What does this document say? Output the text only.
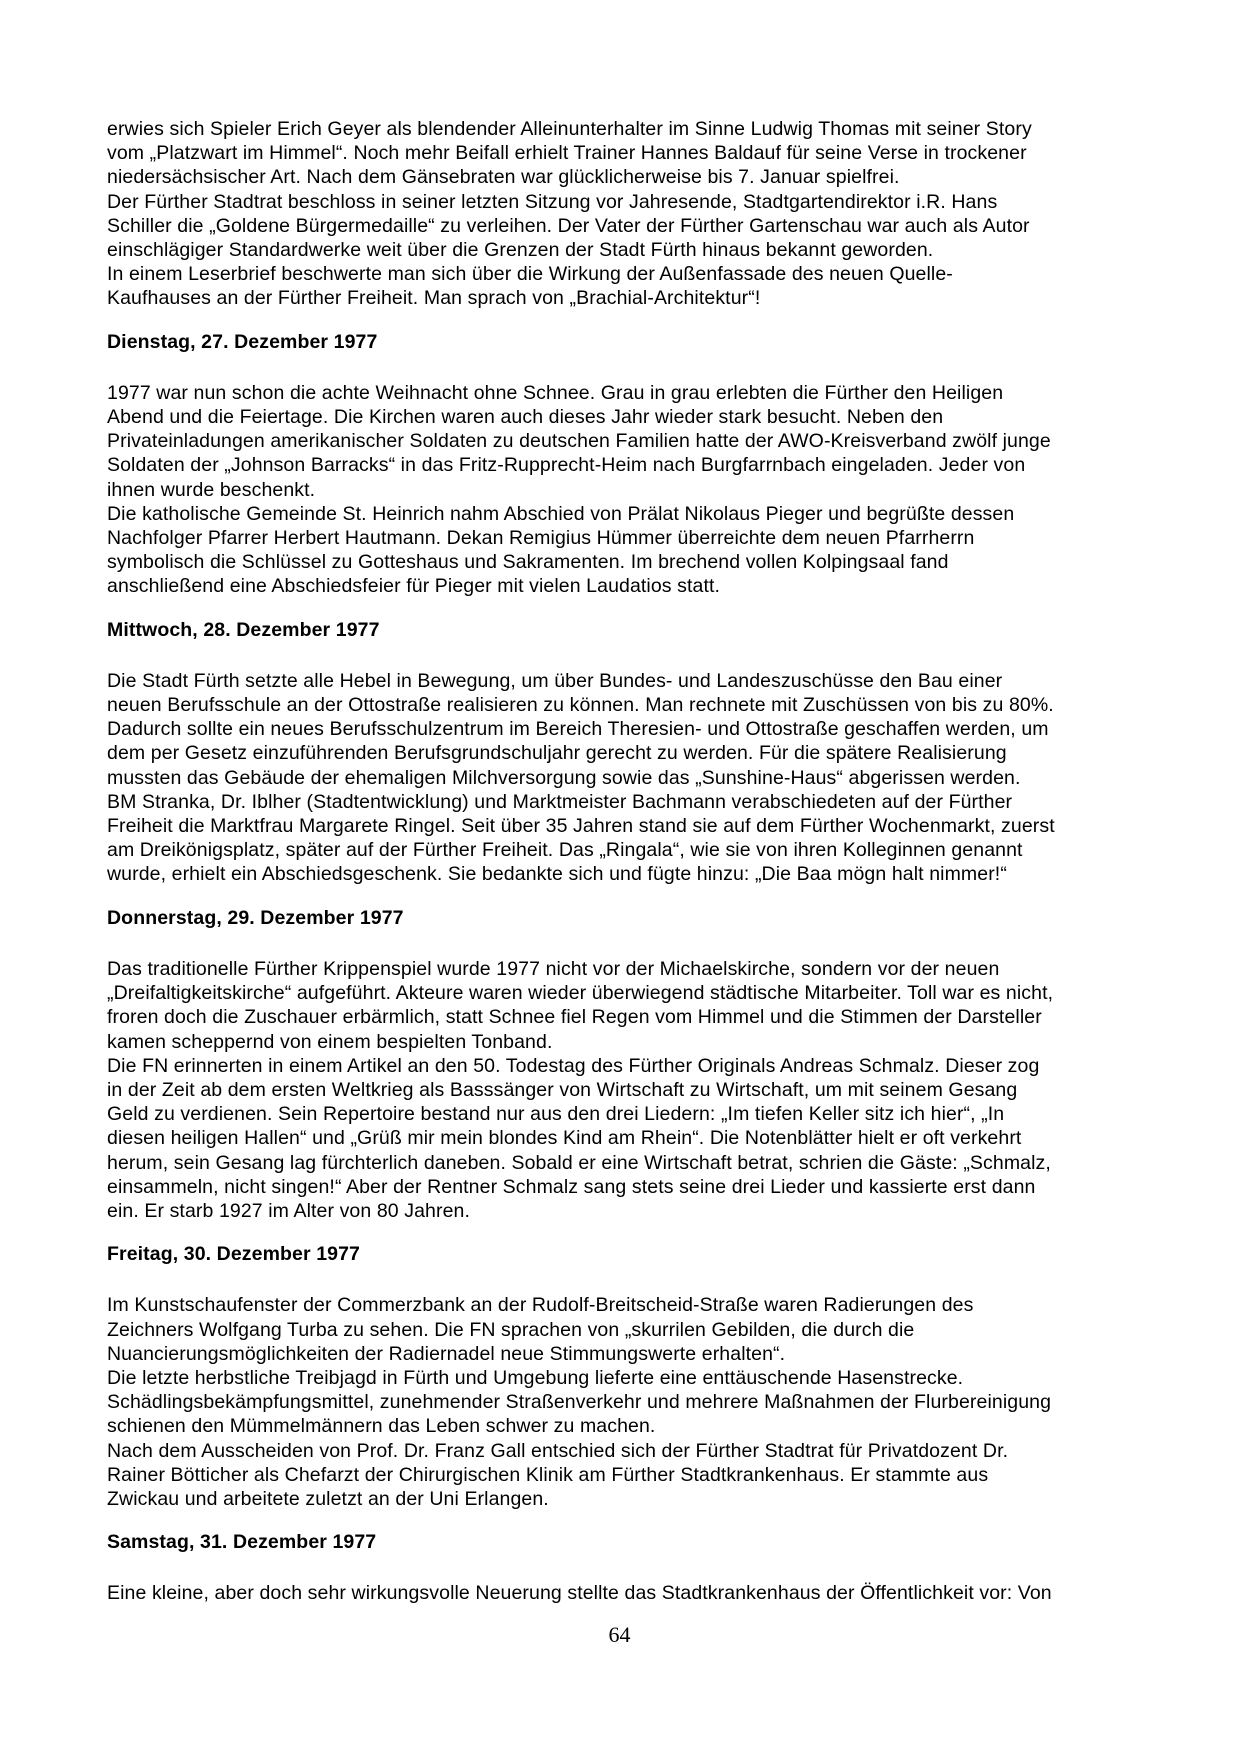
erwies sich Spieler Erich Geyer als blendender Alleinunterhalter im Sinne Ludwig Thomas mit seiner Story
vom „Platzwart im Himmel“. Noch mehr Beifall erhielt Trainer Hannes Baldauf für seine Verse in trockener
niedersächsischer Art. Nach dem Gänsebraten war glücklicherweise bis 7. Januar spielfrei.
Der Fürther Stadtrat beschloss in seiner letzten Sitzung vor Jahresende, Stadtgartendirektor i.R. Hans
Schiller die „Goldene Bürgermedaille“ zu verleihen. Der Vater der Fürther Gartenschau war auch als Autor
einschlägiger Standardwerke weit über die Grenzen der Stadt Fürth hinaus bekannt geworden.
In einem Leserbrief beschwerte man sich über die Wirkung der Außenfassade des neuen Quelle-
Kaufhauses an der Fürther Freiheit. Man sprach von „Brachial-Architektur“!
Dienstag, 27. Dezember 1977
1977 war nun schon die achte Weihnacht ohne Schnee. Grau in grau erlebten die Fürther den Heiligen
Abend und die Feiertage. Die Kirchen waren auch dieses Jahr wieder stark besucht. Neben den
Privateinladungen amerikanischer Soldaten zu deutschen Familien hatte der AWO-Kreisverband zwölf junge
Soldaten der „Johnson Barracks“ in das Fritz-Rupprecht-Heim nach Burgfarrnbach eingeladen. Jeder von
ihnen wurde beschenkt.
Die katholische Gemeinde St. Heinrich nahm Abschied von Prälat Nikolaus Pieger und begrüßte dessen
Nachfolger Pfarrer Herbert Hautmann. Dekan Remigius Hümmer überreichte dem neuen Pfarrherrn
symbolisch die Schlüssel zu Gotteshaus und Sakramenten. Im brechend vollen Kolpingsaal fand
anschließend eine Abschiedsfeier für Pieger mit vielen Laudatios statt.
Mittwoch, 28. Dezember 1977
Die Stadt Fürth setzte alle Hebel in Bewegung, um über Bundes- und Landeszuschüsse den Bau einer
neuen Berufsschule an der Ottostraße realisieren zu können. Man rechnete mit Zuschüssen von bis zu 80%.
Dadurch sollte ein neues Berufsschulzentrum im Bereich Theresien- und Ottostraße geschaffen werden, um
dem per Gesetz einzuführenden Berufsgrundschuljahr gerecht zu werden. Für die spätere Realisierung
mussten das Gebäude der ehemaligen Milchversorgung sowie das „Sunshine-Haus“ abgerissen werden.
BM Stranka, Dr. Iblher (Stadtentwicklung) und Marktmeister Bachmann verabschiedeten auf der Fürther
Freiheit die Marktfrau Margarete Ringel. Seit über 35 Jahren stand sie auf dem Fürther Wochenmarkt, zuerst
am Dreikönigsplatz, später auf der Fürther Freiheit. Das „Ringala“, wie sie von ihren Kolleginnen genannt
wurde, erhielt ein Abschiedsgeschenk. Sie bedankte sich und fügte hinzu: „Die Baa mögn halt nimmer!“
Donnerstag, 29. Dezember 1977
Das traditionelle Fürther Krippenspiel wurde 1977 nicht vor der Michaelskirche, sondern vor der neuen
„Dreifaltigkeitskirche“ aufgeführt. Akteure waren wieder überwiegend städtische Mitarbeiter. Toll war es nicht,
froren doch die Zuschauer erbärmlich, statt Schnee fiel Regen vom Himmel und die Stimmen der Darsteller
kamen scheppernd von einem bespielten Tonband.
Die FN erinnerten in einem Artikel an den 50. Todestag des Fürther Originals Andreas Schmalz. Dieser zog
in der Zeit ab dem ersten Weltkrieg als Basssänger von Wirtschaft zu Wirtschaft, um mit seinem Gesang
Geld zu verdienen. Sein Repertoire bestand nur aus den drei Liedern: „Im tiefen Keller sitz ich hier“, „In
diesen heiligen Hallen“ und „Grüß mir mein blondes Kind am Rhein“. Die Notenblätter hielt er oft verkehrt
herum, sein Gesang lag fürchterlich daneben. Sobald er eine Wirtschaft betrat, schrien die Gäste: „Schmalz,
einsammeln, nicht singen!“ Aber der Rentner Schmalz sang stets seine drei Lieder und kassierte erst dann
ein. Er starb 1927 im Alter von 80 Jahren.
Freitag, 30. Dezember 1977
Im Kunstschaufenster der Commerzbank an der Rudolf-Breitscheid-Straße waren Radierungen des
Zeichners Wolfgang Turba zu sehen. Die FN sprachen von „skurrilen Gebilden, die durch die
Nuancierungsmöglichkeiten der Radiernadel neue Stimmungswerte erhalten“.
Die letzte herbstliche Treibjagd in Fürth und Umgebung lieferte eine enttäuschende Hasenstrecke.
Schädlingsbekämpfungsmittel, zunehmender Straßenverkehr und mehrere Maßnahmen der Flurbereinigung
schienen den Mümmelmännern das Leben schwer zu machen.
Nach dem Ausscheiden von Prof. Dr. Franz Gall entschied sich der Fürther Stadtrat für Privatdozent Dr.
Rainer Bötticher als Chefarzt der Chirurgischen Klinik am Fürther Stadtkrankenhaus. Er stammte aus
Zwickau und arbeitete zuletzt an der Uni Erlangen.
Samstag, 31. Dezember 1977
Eine kleine, aber doch sehr wirkungsvolle Neuerung stellte das Stadtkrankenhaus der Öffentlichkeit vor: Von
64
